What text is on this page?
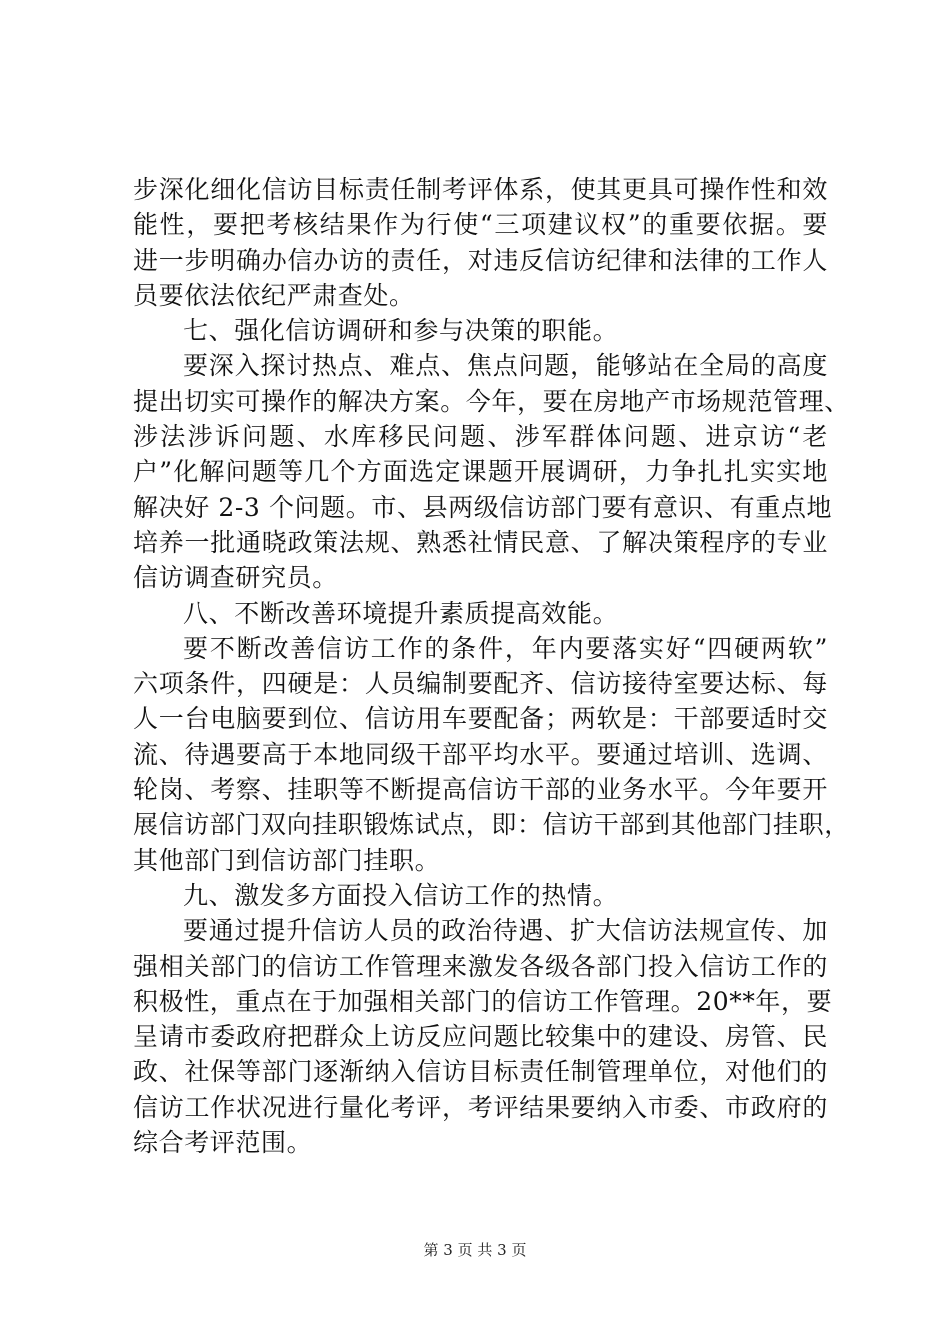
步深化细化信访目标责任制考评体系，使其更具可操作性和效
能性，要把考核结果作为行使“三项建议权”的重要依据。要
进一步明确办信办访的责任，对违反信访纪律和法律的工作人
员要依法依纪严肃查处。
七、强化信访调研和参与决策的职能。
要深入探讨热点、难点、焦点问题，能够站在全局的高度
提出切实可操作的解决方案。今年，要在房地产市场规范管理、
涉法涉诉问题、水库移民问题、涉军群体问题、进京访“老
户”化解问题等几个方面选定课题开展调研，力争扎扎实实地
解决好 2-3 个问题。市、县两级信访部门要有意识、有重点地
培养一批通晓政策法规、熟悉社情民意、了解决策程序的专业
信访调查研究员。
八、不断改善环境提升素质提高效能。
要不断改善信访工作的条件，年内要落实好“四硬两软”
六项条件，四硬是：人员编制要配齐、信访接待室要达标、每
人一台电脑要到位、信访用车要配备；两软是：干部要适时交
流、待遇要高于本地同级干部平均水平。要通过培训、选调、
轮岗、考察、挂职等不断提高信访干部的业务水平。今年要开
展信访部门双向挂职锻炼试点，即：信访干部到其他部门挂职，
其他部门到信访部门挂职。
九、激发多方面投入信访工作的热情。
要通过提升信访人员的政治待遇、扩大信访法规宣传、加
强相关部门的信访工作管理来激发各级各部门投入信访工作的
积极性，重点在于加强相关部门的信访工作管理。20**年，要
呈请市委政府把群众上访反应问题比较集中的建设、房管、民
政、社保等部门逐渐纳入信访目标责任制管理单位，对他们的
信访工作状况进行量化考评，考评结果要纳入市委、市政府的
综合考评范围。
第 3 页 共 3 页
